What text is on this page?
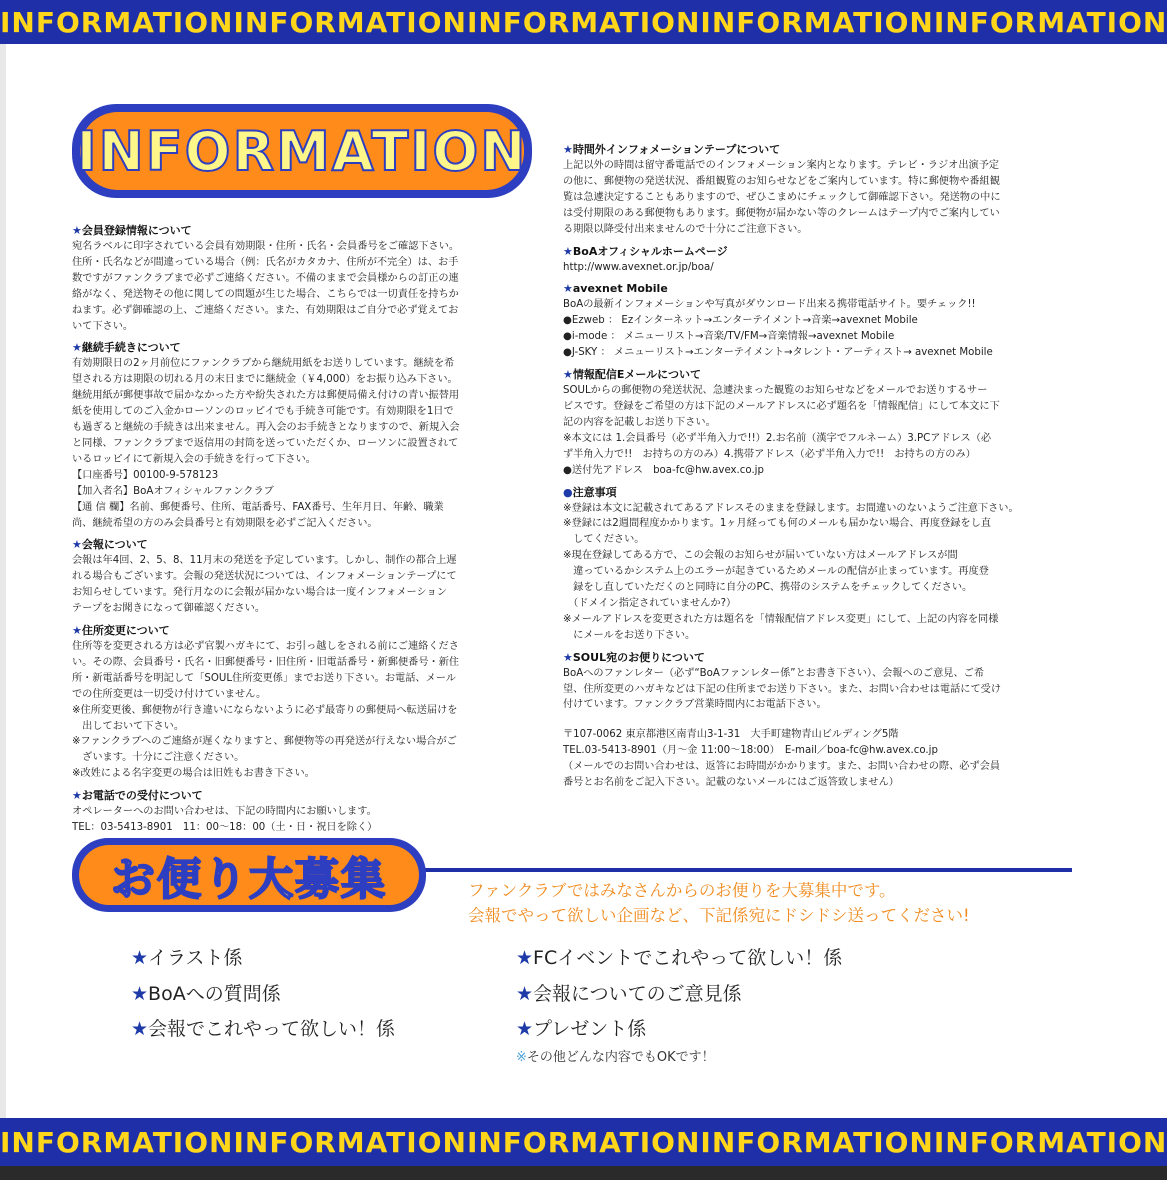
INFORMATION INFORMATION INFORMATION INFORMATION INFORMATION
INFORMATION
★会員登録情報について
宛名ラベルに印字されている会員有効期限・住所・氏名・会員番号をご確認下さい。
住所・氏名などが間違っている場合（例：氏名がカタカナ、住所が不完全）は、お手
数ですがファンクラブまで必ずご連絡ください。不備のままで会員様からの訂正の連
絡がなく、発送物その他に関しての問題が生じた場合、こちらでは一切責任を持ちか
ねます。必ず御確認の上、ご連絡ください。また、有効期限はご自分で必ず覚えてお
いて下さい。
★継続手続きについて
有効期限日の2ヶ月前位にファンクラブから継続用紙をお送りしています。継続を希
望される方は期限の切れる月の末日までに継続金（￥4,000）をお振り込み下さい。
継続用紙が郵便事故で届かなかった方や紛失された方は郵便局備え付けの青い振替用
紙を使用してのご入金かローソンのロッピイでも手続き可能です。有効期限を1日で
も過ぎると継続の手続きは出来ません。再入会のお手続きとなりますので、新規入会
と同様、ファンクラブまで返信用の封筒を送っていただくか、ローソンに設置されて
いるロッピイにて新規入会の手続きを行って下さい。
【口座番号】00100-9-578123
【加入者名】BoAオフィシャルファンクラブ
【通 信 欄】名前、郵便番号、住所、電話番号、FAX番号、生年月日、年齢、職業
尚、継続希望の方のみ会員番号と有効期限を必ずご記入ください。
★会報について
会報は年4回、2、5、8、11月末の発送を予定しています。しかし、制作の都合上遅
れる場合もございます。会報の発送状況については、インフォメーションテープにて
お知らせしています。発行月なのに会報が届かない場合は一度インフォメーション
テープをお聞きになって御確認ください。
★住所変更について
住所等を変更される方は必ず官製ハガキにて、お引っ越しをされる前にご連絡くださ
い。その際、会員番号・氏名・旧郵便番号・旧住所・旧電話番号・新郵便番号・新住
所・新電話番号を明記して「SOUL住所変更係」までお送り下さい。お電話、メール
での住所変更は一切受け付けていません。
※住所変更後、郵便物が行き違いにならないように必ず最寄りの郵便局へ転送届けを
　出しておいて下さい。
※ファンクラブへのご連絡が遅くなりますと、郵便物等の再発送が行えない場合がご
　ざいます。十分にご注意ください。
※改姓による名字変更の場合は旧姓もお書き下さい。
★お電話での受付について
オペレーターへのお問い合わせは、下記の時間内にお願いします。
TEL：03-5413-8901　11：00〜18：00（土・日・祝日を除く）
★時間外インフォメーションテープについて
上記以外の時間は留守番電話でのインフォメーション案内となります。テレビ・ラジオ出演予定
の他に、郵便物の発送状況、番組観覧のお知らせなどをご案内しています。特に郵便物や番組観
覧は急遽決定することもありますので、ぜひこまめにチェックして御確認下さい。発送物の中に
は受付期限のある郵便物もあります。郵便物が届かない等のクレームはテープ内でご案内してい
る期限以降受付出来ませんので十分にご注意下さい。
★BoAオフィシャルホームページ
http://www.avexnet.or.jp/boa/
★avexnet Mobile
BoAの最新インフォメーションや写真がダウンロード出来る携帯電話サイト。要チェック!!
●Ezweb ： Ezインターネット→エンターテイメント→音楽→avexnet Mobile
●i-mode ： メニューリスト→音楽/TV/FM→音楽情報→avexnet Mobile
●J-SKY ： メニューリスト→エンターテイメント→タレント・アーティスト→ avexnet Mobile
★情報配信Eメールについて
SOULからの郵便物の発送状況、急遽決まった観覧のお知らせなどをメールでお送りするサー
ビスです。登録をご希望の方は下記のメールアドレスに必ず題名を「情報配信」にして本文に下
記の内容を記載しお送り下さい。
※本文には 1.会員番号（必ず半角入力で!!）2.お名前（漢字でフルネーム）3.PCアドレス（必
ず半角入力で!!　お持ちの方のみ）4.携帯アドレス（必ず半角入力で!!　お持ちの方のみ）
●送付先アドレス　boa-fc@hw.avex.co.jp
●注意事項
※登録は本文に記載されてあるアドレスそのままを登録します。お間違いのないようご注意下さい。
※登録には2週間程度かかります。1ヶ月経っても何のメールも届かない場合、再度登録をし直
　してください。
※現在登録してある方で、この会報のお知らせが届いていない方はメールアドレスが間
　違っているかシステム上のエラーが起きているためメールの配信が止まっています。再度登
　録をし直していただくのと同時に自分のPC、携帯のシステムをチェックしてください。
　（ドメイン指定されていませんか?）
※メールアドレスを変更された方は題名を「情報配信アドレス変更」にして、上記の内容を同様
　にメールをお送り下さい。
★SOUL宛のお便りについて
BoAへのファンレター（必ず“BoAファンレター係”とお書き下さい）、会報へのご意見、ご希
望、住所変更のハガキなどは下記の住所までお送り下さい。また、お問い合わせは電話にて受け
付けています。ファンクラブ営業時間内にお電話下さい。
〒107-0062 東京都港区南青山3-1-31　大手町建物青山ビルディング5階
TEL.03-5413-8901（月〜金 11:00〜18:00）　E-mail／boa-fc@hw.avex.co.jp
（メールでのお問い合わせは、返答にお時間がかかります。また、お問い合わせの際、必ず会員
番号とお名前をご記入下さい。記載のないメールにはご返答致しません）
お便り大募集	ファンクラブではみなさんからのお便りを大募集中です。
会報でやって欲しい企画など、下記係宛にドシドシ送ってください!
★イラスト係
★BoAへの質問係
★会報でこれやって欲しい！係
★FCイベントでこれやって欲しい！係
★会報についてのご意見係
★プレゼント係
※その他どんな内容でもOKです！
INFORMATION INFORMATION INFORMATION INFORMATION INFORMATION
